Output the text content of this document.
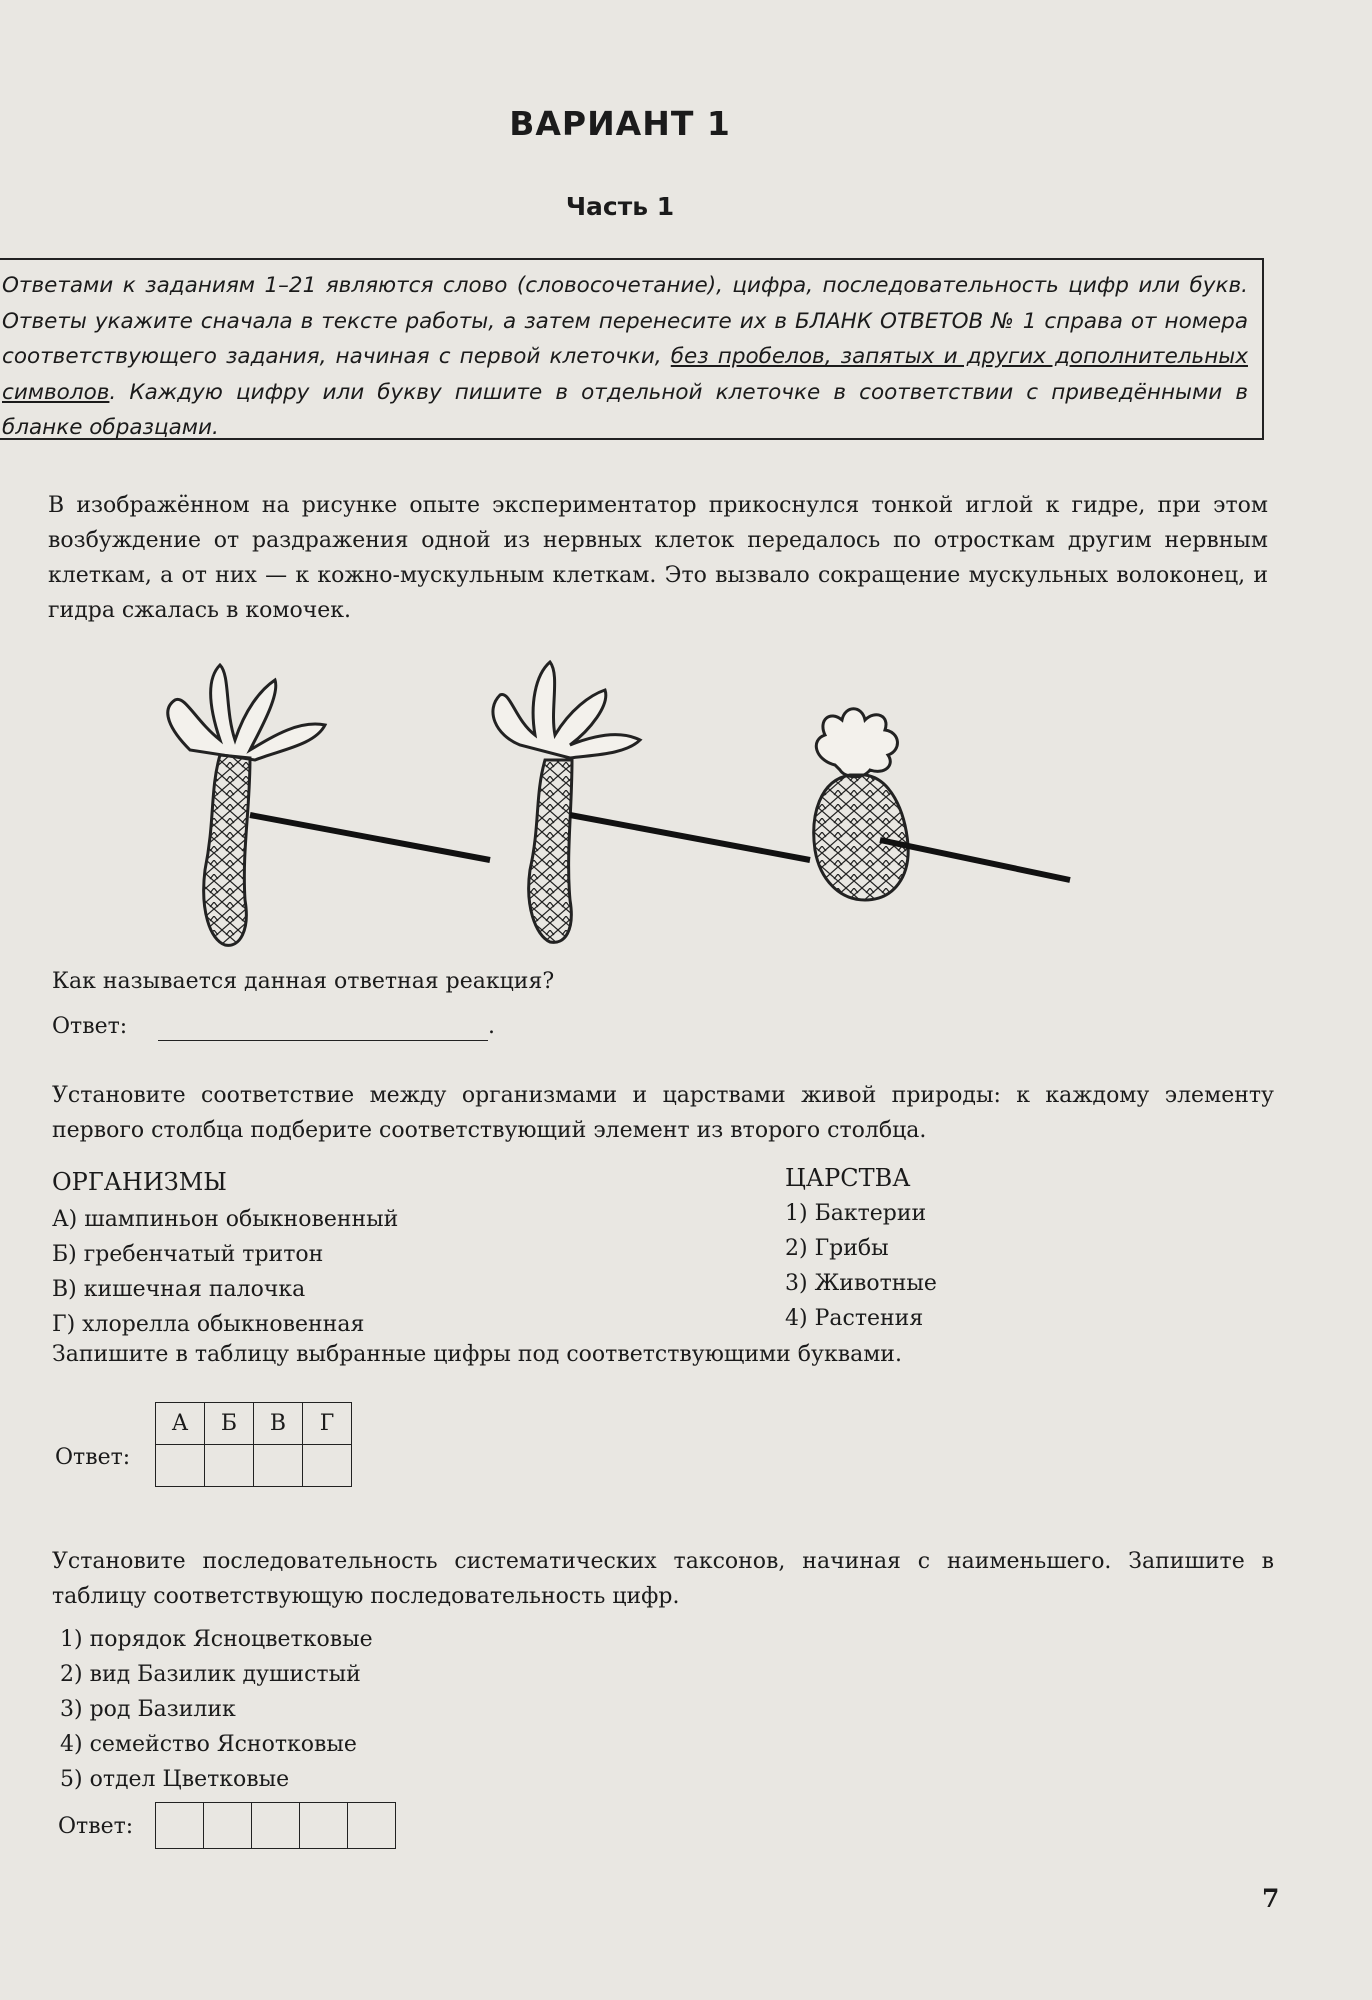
ВАРИАНТ 1
Часть 1
Ответами к заданиям 1–21 являются слово (словосочетание), цифра, последовательность цифр или букв. Ответы укажите сначала в тексте работы, а затем перенесите их в БЛАНК ОТВЕТОВ № 1 справа от номера соответствующего задания, начиная с первой клеточки, без пробелов, запятых и других дополнительных символов. Каждую цифру или букву пишите в отдельной клеточке в соответствии с приведёнными в бланке образцами.
В изображённом на рисунке опыте экспериментатор прикоснулся тонкой иглой к гидре, при этом возбуждение от раздражения одной из нервных клеток передалось по отросткам другим нервным клеткам, а от них — к кожно-мускульным клеткам. Это вызвало сокращение мускульных волоконец, и гидра сжалась в комочек.
Как называется данная ответная реакция?
Ответ:	.
Установите соответствие между организмами и царствами живой природы: к каждому элементу первого столбца подберите соответствующий элемент из второго столбца.
ОРГАНИЗМЫ
А) шампиньон обыкновенный
Б) гребенчатый тритон
В) кишечная палочка
Г) хлорелла обыкновенная
ЦАРСТВА
1) Бактерии
2) Грибы
3) Животные
4) Растения
Запишите в таблицу выбранные цифры под соответствующими буквами.
Ответ:
А	Б	В	Г

Установите последовательность систематических таксонов, начиная с наименьшего. Запишите в таблицу соответствующую последовательность цифр.
1) порядок Ясноцветковые
2) вид Базилик душистый
3) род Базилик
4) семейство Яснотковые
5) отдел Цветковые
Ответ:
7
